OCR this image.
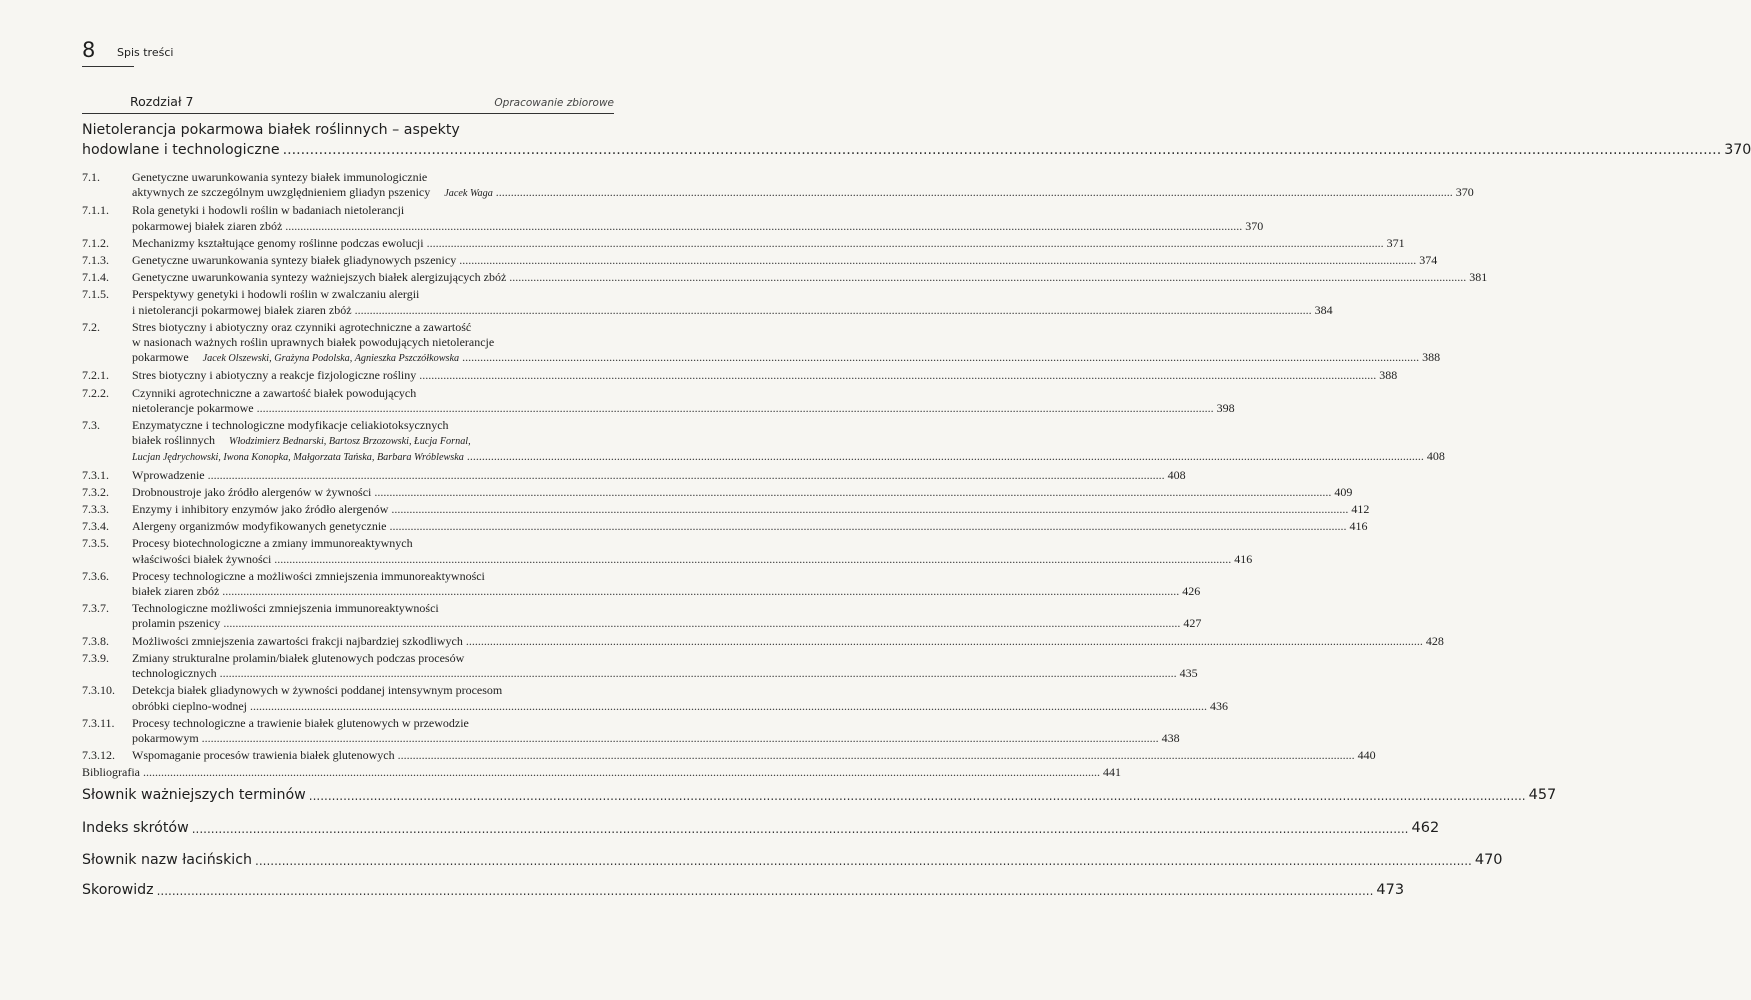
8 Spis treści
Rozdział 7	Opracowanie zbiorowe
Nietolerancja pokarmowa białek roślinnych – aspekty
hodowlane i technologiczne .....	370
7.1.	Genetyczne uwarunkowania syntezy białek immunologicznie
aktywnych ze szczególnym uwzględnieniem gliadyn pszenicy Jacek Waga .....	370
7.1.1. Rola genetyki i hodowli roślin w badaniach nietolerancji
pokarmowej białek ziaren zbóż .....	370
7.1.2. Mechanizmy kształtujące genomy roślinne podczas ewolucji .....	371
7.1.3. Genetyczne uwarunkowania syntezy białek gliadynowych pszenicy .....	374
7.1.4. Genetyczne uwarunkowania syntezy ważniejszych białek alergizujących zbóż .....	381
7.1.5. Perspektywy genetyki i hodowli roślin w zwalczaniu alergii
i nietolerancji pokarmowej białek ziaren zbóż .....	384
7.2.	Stres biotyczny i abiotyczny oraz czynniki agrotechniczne a zawartość
w nasionach ważnych roślin uprawnych białek powodujących nietolerancje
pokarmowe Jacek Olszewski, Grażyna Podolska, Agnieszka Pszczółkowska .....	388
7.2.1. Stres biotyczny i abiotyczny a reakcje fizjologiczne rośliny .....	388
7.2.2. Czynniki agrotechniczne a zawartość białek powodujących
nietolerancje pokarmowe .....	398
7.3.	Enzymatyczne i technologiczne modyfikacje celiakiotoksycznych
białek roślinnych Włodzimierz Bednarski, Bartosz Brzozowski, Łucja Fornal,
Lucjan Jędrychowski, Iwona Konopka, Małgorzata Tańska, Barbara Wróblewska .....	408
7.3.1. Wprowadzenie .....	408
7.3.2. Drobnoustroje jako źródło alergenów w żywności .....	409
7.3.3. Enzymy i inhibitory enzymów jako źródło alergenów .....	412
7.3.4. Alergeny organizmów modyfikowanych genetycznie .....	416
7.3.5. Procesy biotechnologiczne a zmiany immunoreaktywnych
właściwości białek żywności .....	416
7.3.6. Procesy technologiczne a możliwości zmniejszenia immunoreaktywności
białek ziaren zbóż .....	426
7.3.7. Technologiczne możliwości zmniejszenia immunoreaktywności
prolamin pszenicy .....	427
7.3.8. Możliwości zmniejszenia zawartości frakcji najbardziej szkodliwych .....	428
7.3.9. Zmiany strukturalne prolamin/białek glutenowych podczas procesów
technologicznych .....	435
7.3.10. Detekcja białek gliadynowych w żywności poddanej intensywnym procesom
obróbki cieplno-wodnej .....	436
7.3.11. Procesy technologiczne a trawienie białek glutenowych w przewodzie
pokarmowym .....	438
7.3.12. Wspomaganie procesów trawienia białek glutenowych .....	440
Bibliografia .....	441
Słownik ważniejszych terminów .....	457
Indeks skrótów .....	462
Słownik nazw łacińskich .....	470
Skorowidz .....	473
